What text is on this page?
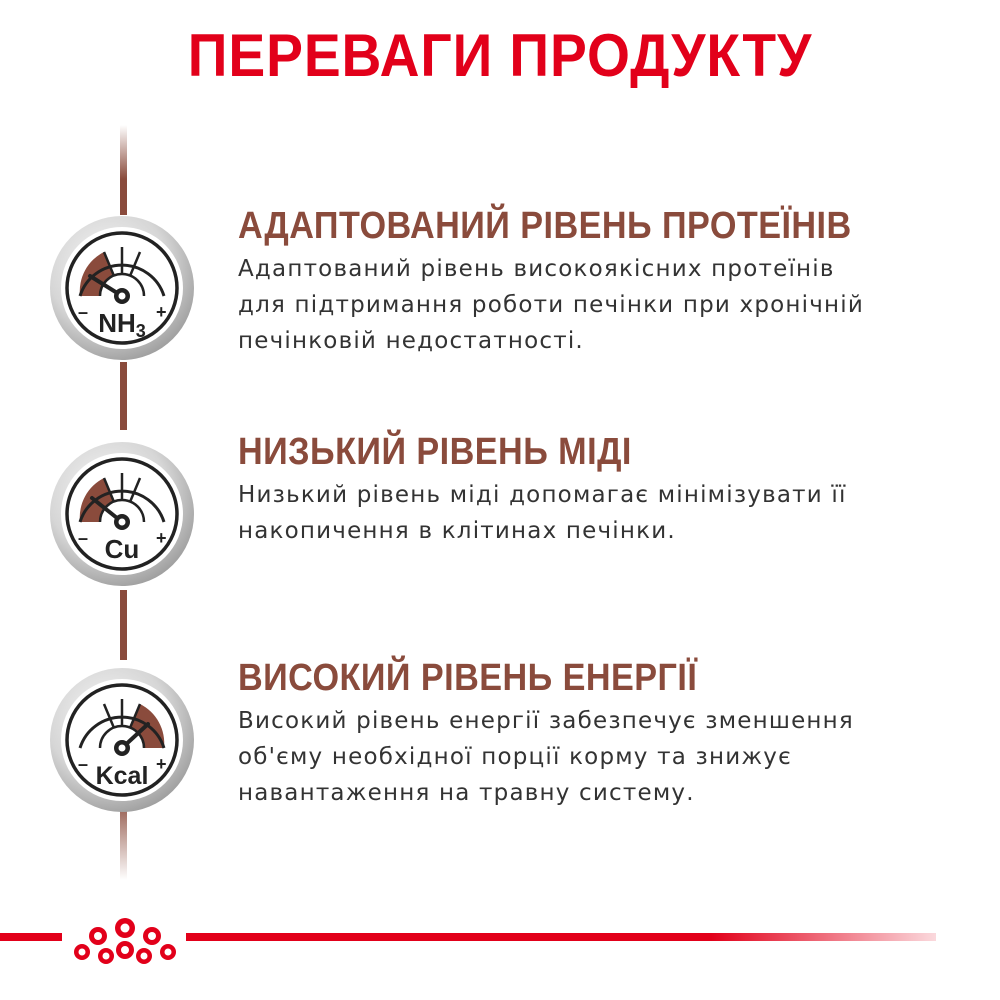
ПЕРЕВАГИ ПРОДУКТУ
–	+
NH3
–	+
Cu
–	+
Kcal
АДАПТОВАНИЙ РІВЕНЬ ПРОТЕЇНІВ
Адаптований рівень високоякісних протеїнів
для підтримання роботи печінки при хронічній
печінковій недостатності.
НИЗЬКИЙ РІВЕНЬ МІДІ
Низький рівень міді допомагає мінімізувати її
накопичення в клітинах печінки.
ВИСОКИЙ РІВЕНЬ ЕНЕРГІЇ
Високий рівень енергії забезпечує зменшення
об'єму необхідної порції корму та знижує
навантаження на травну систему.
